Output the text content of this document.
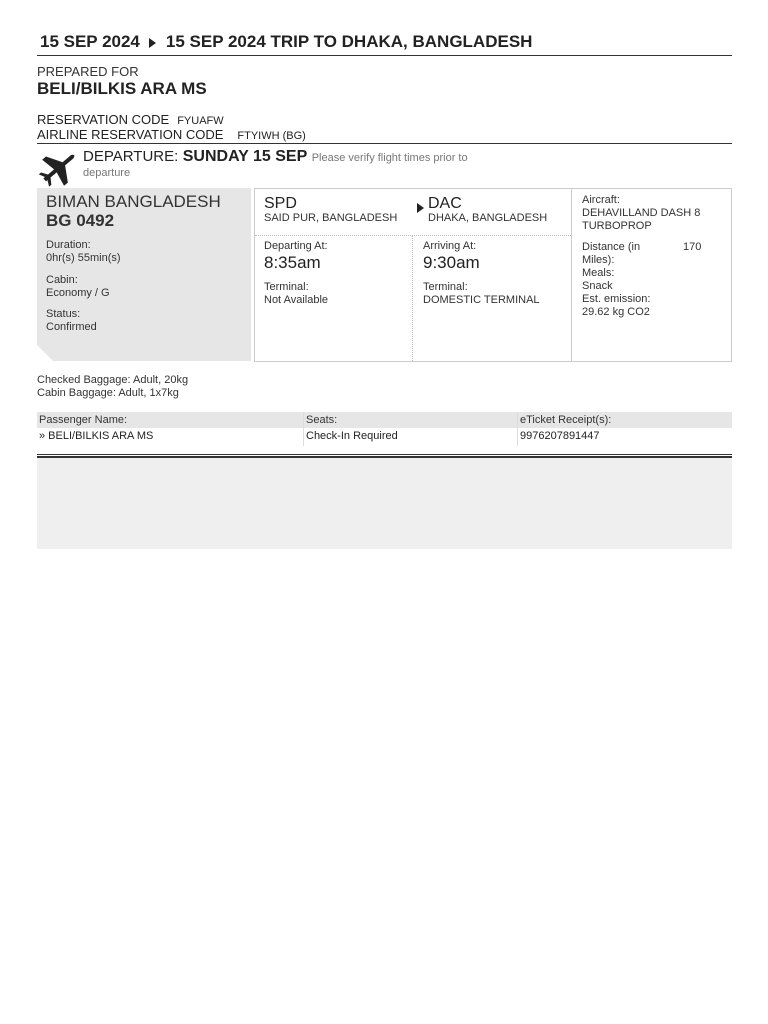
15 SEP 2024 15 SEP 2024 TRIP TO DHAKA, BANGLADESH
PREPARED FOR
BELI/BILKIS ARA MS
RESERVATION CODE FYUAFW
AIRLINE RESERVATION CODE FTYIWH (BG)
DEPARTURE: SUNDAY 15 SEP Please verify flight times prior to departure
BIMAN BANGLADESH
BG 0492
Duration:
0hr(s) 55min(s)
Cabin:
Economy / G
Status:
Confirmed
SPD
SAID PUR, BANGLADESH
DAC
DHAKA, BANGLADESH
Departing At:
8:35am
Terminal:
Not Available
Arriving At:
9:30am
Terminal:
DOMESTIC TERMINAL
Aircraft:
DEHAVILLAND DASH 8
TURBOPROP
Distance (in
Miles):
170
Meals:
Snack
Est. emission:
29.62 kg CO2
Checked Baggage: Adult, 20kg
Cabin Baggage: Adult, 1x7kg
Passenger Name:	Seats:	eTicket Receipt(s):
» BELI/BILKIS ARA MS	Check-In Required	9976207891447
